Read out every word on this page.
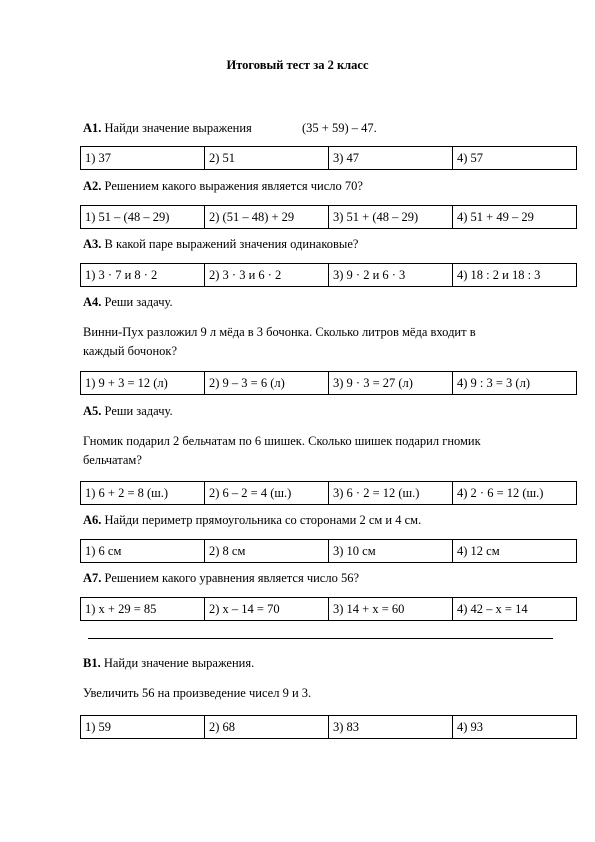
Итоговый тест за 2 класс
А1. Найди значение выражения	(35 + 59) – 47.
1) 37	2) 51	3) 47	4) 57
А2. Решением какого выражения является число 70?
1) 51 – (48 – 29)	2) (51 – 48) + 29	3) 51 + (48 – 29)	4) 51 + 49 – 29
А3. В какой паре выражений значения одинаковые?
1) 3 · 7 и 8 · 2	2) 3 · 3 и 6 · 2	3) 9 · 2 и 6 · 3	4) 18 : 2 и 18 : 3
А4. Реши задачу.
Винни-Пух разложил 9 л мёда в 3 бочонка. Сколько литров мёда входит в
каждый бочонок?
1) 9 + 3 = 12 (л)	2) 9 – 3 = 6 (л)	3) 9 · 3 = 27 (л)	4) 9 : 3 = 3 (л)
А5. Реши задачу.
Гномик подарил 2 бельчатам по 6 шишек. Сколько шишек подарил гномик
бельчатам?
1) 6 + 2 = 8 (ш.)	2) 6 – 2 = 4 (ш.)	3) 6 · 2 = 12 (ш.)	4) 2 · 6 = 12 (ш.)
А6. Найди периметр прямоугольника со сторонами 2 см и 4 см.
1) 6 см	2) 8 см	3) 10 см	4) 12 см
А7. Решением какого уравнения является число 56?
1) х + 29 = 85	2) х – 14 = 70	3) 14 + х = 60	4) 42 – х = 14
В1. Найди значение выражения.
Увеличить 56 на произведение чисел 9 и 3.
1) 59	2) 68	3) 83	4) 93
